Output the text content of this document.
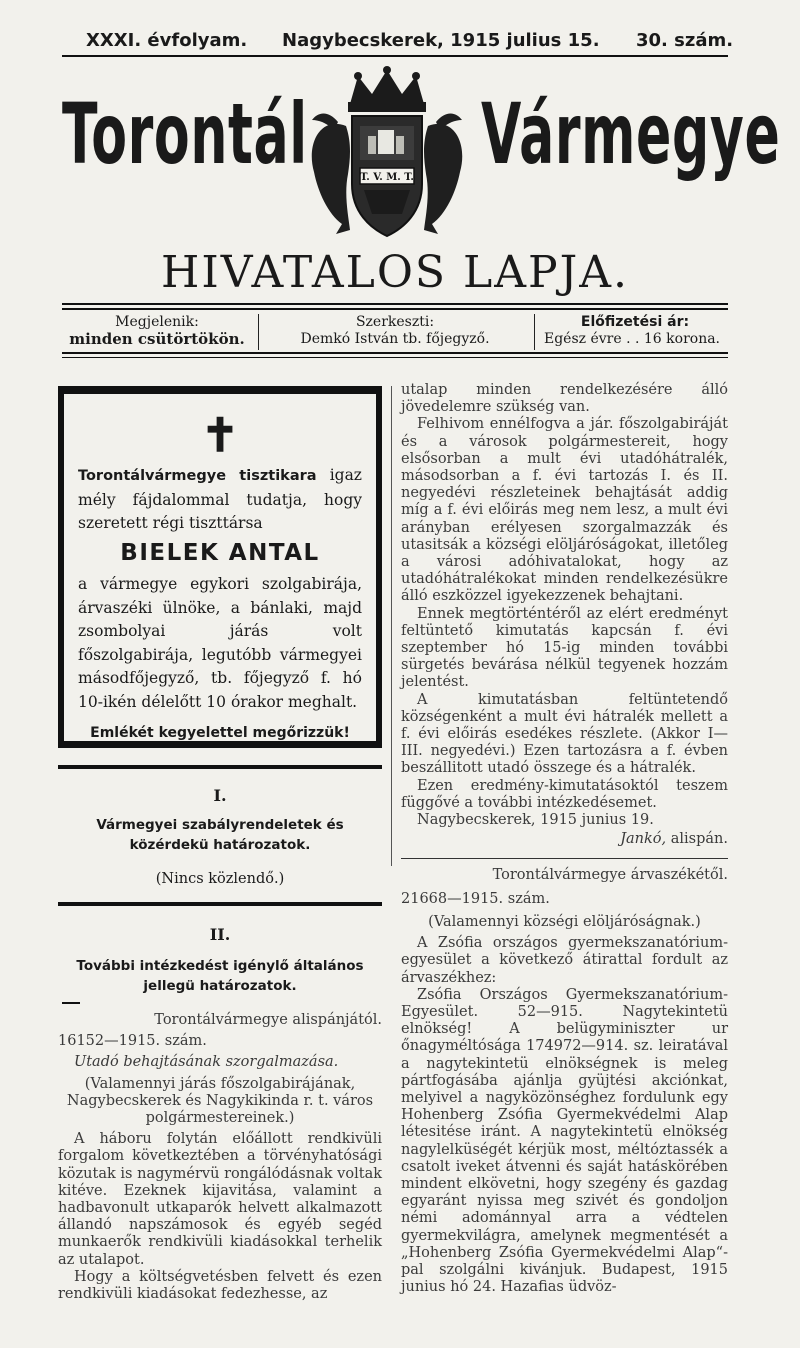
XXXI. évfolyam. Nagybecskerek, 1915 julius 15. 30. szám.
Torontál Vármegye
T. V. M. T.
HIVATALOS LAPJA.
Megjelenik:
minden csütörtökön.
Szerkeszti:
Demkó István tb. főjegyző.
Előfizetési ár:
Egész évre . . 16 korona.
✝
Torontálvármegye tisztikara igaz mély fájdalommal tudatja, hogy szeretett régi tiszttársa
BIELEK ANTAL
a vármegye egykori szolgabirája, árvaszéki ülnöke, a bánlaki, majd zsombolyai járás volt főszolgabirája, legutóbb vármegyei másodfőjegyző, tb. főjegyző f. hó 10-ikén délelőtt 10 órakor meghalt.
Emlékét kegyelettel megőrizzük!
I.
Vármegyei szabályrendeletek és közérdekü határozatok.
(Nincs közlendő.)
II.
További intézkedést igénylő általános jellegü határozatok.

Torontálvármegye alispánjától.

16152—1915. szám.

Utadó behajtásának szorgalmazása.

(Valamennyi járás főszolgabirájának, Nagybecskerek és Nagykikinda r. t. város polgármestereinek.)

A háboru folytán előállott rendkivüli forgalom következtében a törvényhatósági közutak is nagymérvü rongálódásnak voltak kitéve. Ezeknek kijavitása, valamint a hadbavonult utkaparók helvett alkalmazott állandó napszámosok és egyéb segéd munkaerők rendkivüli kiadásokkal terhelik az utalapot.

Hogy a költségvetésben felvett és ezen rendkivüli kiadásokat fedezhesse, az

utalap minden rendelkezésére álló jövedelemre szükség van.

Felhivom ennélfogva a jár. főszolgabiráját és a városok polgármestereit, hogy elsősorban a mult évi utadóhátralék, másodsorban a f. évi tartozás I. és II. negyedévi részleteinek behajtását addig míg a f. évi előirás meg nem lesz, a mult évi arányban erélyesen szorgalmazzák és utasitsák a községi elöljáróságokat, illetőleg a városi adóhivatalokat, hogy az utadóhátralékokat minden rendelkezésükre álló eszközzel igyekezzenek behajtani.

Ennek megtörténtéről az elért eredményt feltüntető kimutatás kapcsán f. évi szeptember hó 15-ig minden további sürgetés bevárása nélkül tegyenek hozzám jelentést.

A kimutatásban feltüntetendő községenként a mult évi hátralék mellett a f. évi előirás esedékes részlete. (Akkor I—III. negyedévi.) Ezen tartozásra a f. évben beszállitott utadó összege és a hátralék.

Ezen eredmény-kimutatásoktól teszem függővé a további intézkedésemet.

Nagybecskerek, 1915 junius 19.

Jankó, alispán.

Torontálvármegye árvaszékétől.

21668—1915. szám.

(Valamennyi községi elöljáróságnak.)

A Zsófia országos gyermekszanatórium-egyesület a következő átirattal fordult az árvaszékhez:

Zsófia Országos Gyermekszanatórium-Egyesület. 52—915. Nagytekintetü elnökség! A belügyminiszter ur őnagyméltósága 174972—914. sz. leiratával a nagytekintetü elnökségnek is meleg pártfogásába ajánlja gyüjtési akciónkat, melyivel a nagyközönséghez fordulunk egy Hohenberg Zsófia Gyermekvédelmi Alap létesitése iránt. A nagytekintetü elnökség nagylelküségét kérjük most, méltóztassék a csatolt iveket átvenni és saját hatáskörében mindent elkövetni, hogy szegény és gazdag egyaránt nyissa meg szivét és gondoljon némi adománnyal arra a védtelen gyermekvilágra, amelynek megmentését a „Hohenberg Zsófia Gyermekvédelmi Alap“-pal szolgálni kivánjuk. Budapest, 1915 junius hó 24. Hazafias üdvöz-
